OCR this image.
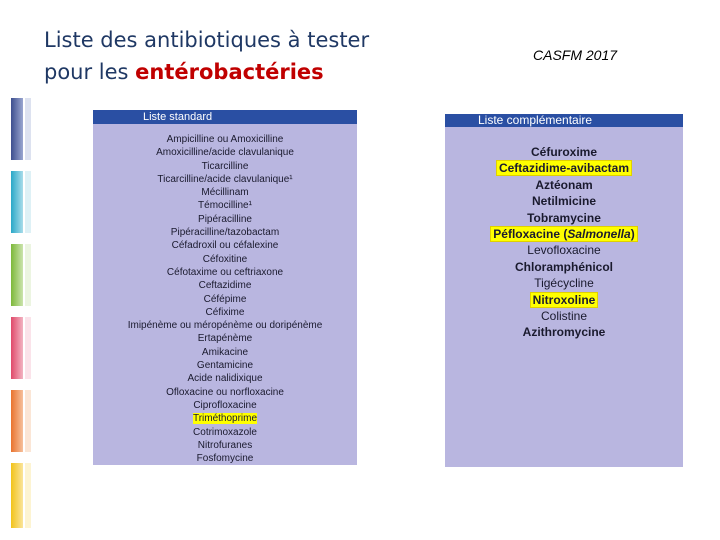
Liste des antibiotiques à tester
pour les entérobactéries
CASFM 2017
Liste standard
Ampicilline ou Amoxicilline
Amoxicilline/acide clavulanique
Ticarcilline
Ticarcilline/acide clavulanique¹
Mécillinam
Témocilline¹
Pipéracilline
Pipéracilline/tazobactam
Céfadroxil ou céfalexine
Céfoxitine
Céfotaxime ou ceftriaxone
Ceftazidime
Céfépime
Céfixime
Imipénème ou méropénème ou doripénème
Ertapénème
Amikacine
Gentamicine
Acide nalidixique
Ofloxacine ou norfloxacine
Ciprofloxacine
Triméthoprime
Cotrimoxazole
Nitrofuranes
Fosfomycine
Liste complémentaire
Céfuroxime
Ceftazidime-avibactam
Aztéonam
Netilmicine
Tobramycine
Péfloxacine (Salmonella)
Levofloxacine
Chloramphénicol
Tigécycline
Nitroxoline
Colistine
Azithromycine
